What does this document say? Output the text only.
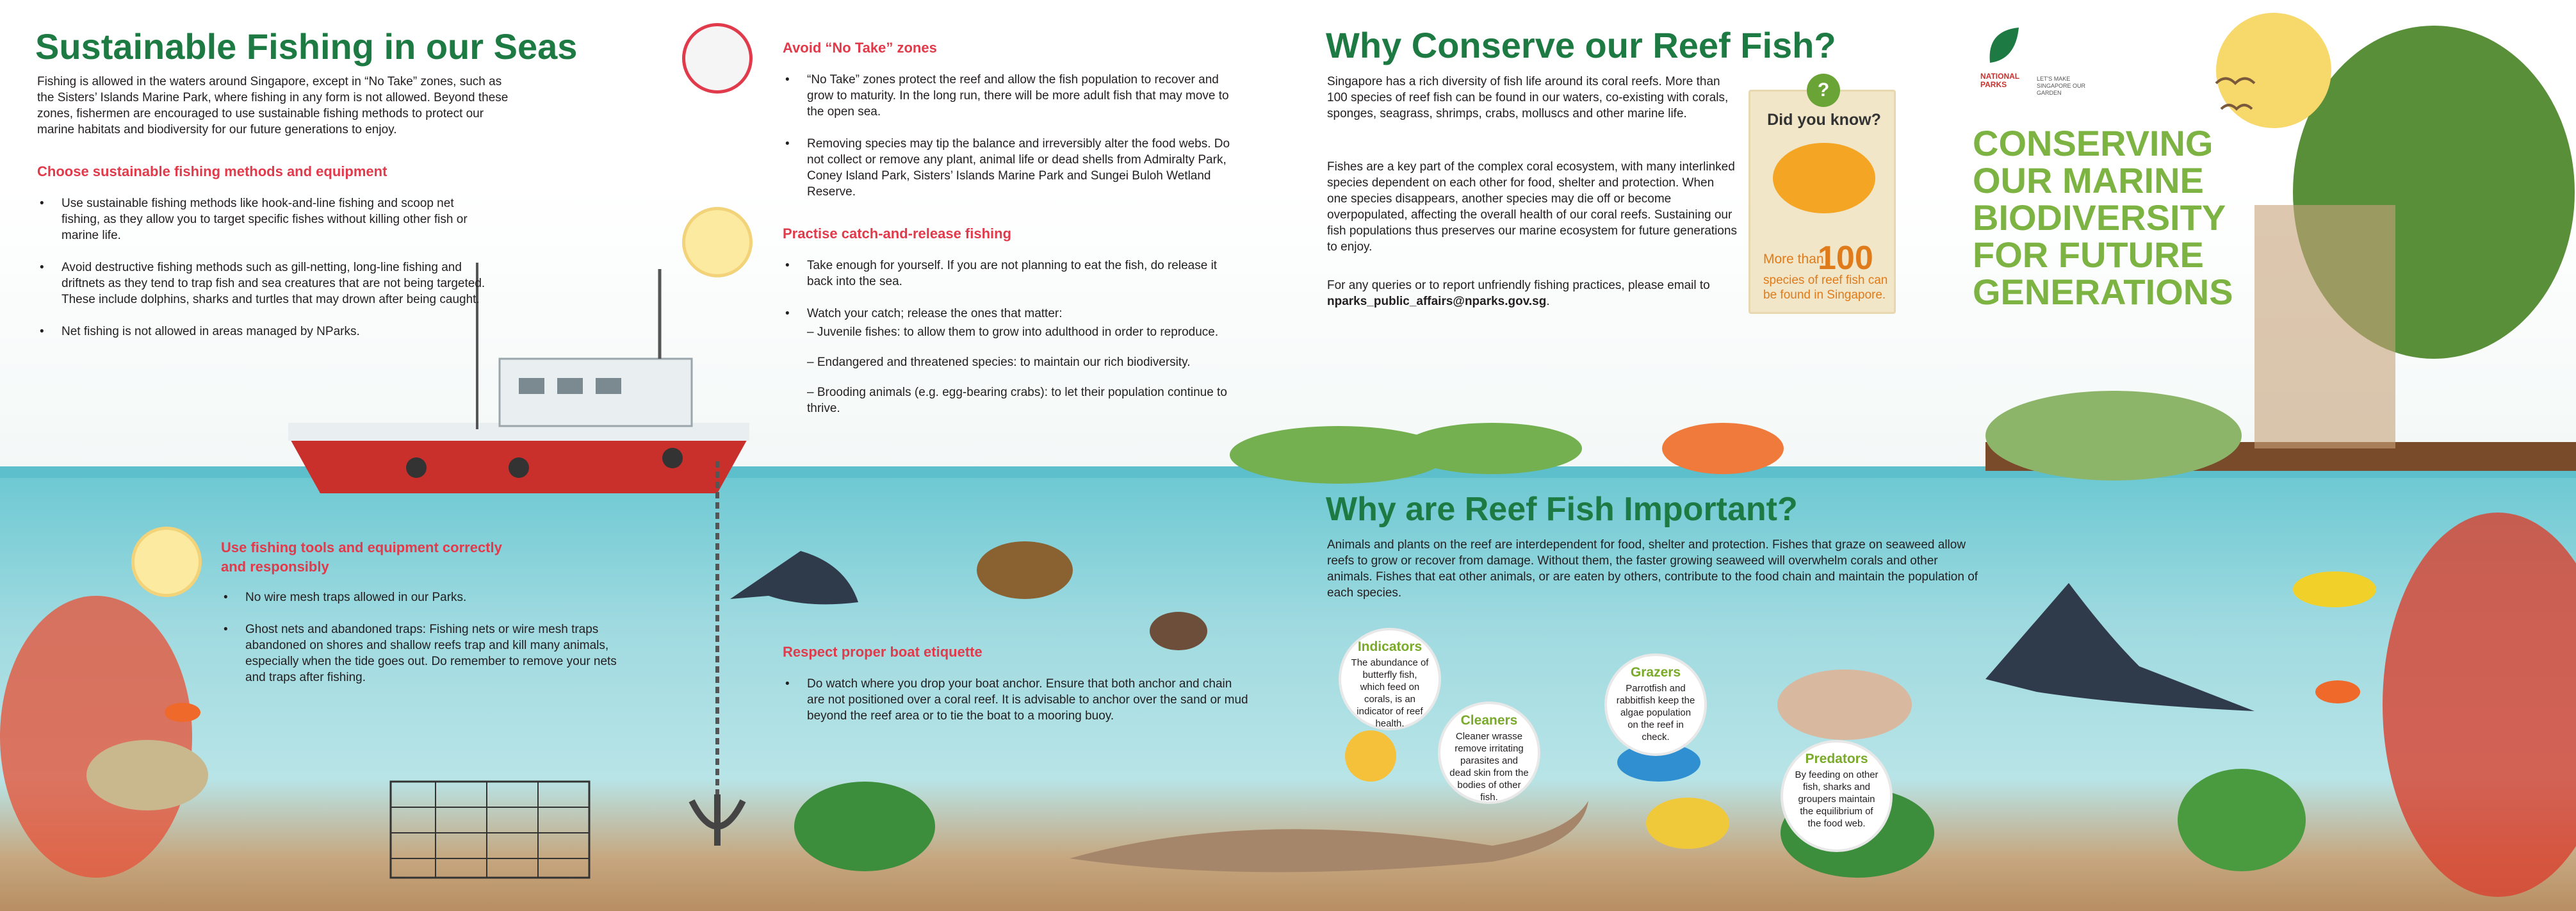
Sustainable Fishing in our Seas

Fishing is allowed in the waters around Singapore, except in “No Take” zones, such as the Sisters’ Islands Marine Park, where fishing in any form is not allowed. Beyond these zones, fishermen are encouraged to use sustainable fishing methods to protect our marine habitats and biodiversity for our future generations to enjoy.

Choose sustainable fishing methods and equipment
• Use sustainable fishing methods like hook-and-line fishing and scoop net fishing, as they allow you to target specific fishes without killing other fish or marine life.
• Avoid destructive fishing methods such as gill-netting, long-line fishing and driftnets as they tend to trap fish and sea creatures that are not being targeted. These include dolphins, sharks and turtles that may drown after being caught.
• Net fishing is not allowed in areas managed by NParks.
Use fishing tools and equipment correctly and responsibly
• No wire mesh traps allowed in our Parks.
• Ghost nets and abandoned traps: Fishing nets or wire mesh traps abandoned on shores and shallow reefs trap and kill many animals, especially when the tide goes out. Do remember to remove your nets and traps after fishing.
Avoid “No Take” zones
• “No Take” zones protect the reef and allow the fish population to recover and grow to maturity. In the long run, there will be more adult fish that may move to the open sea.
• Removing species may tip the balance and irreversibly alter the food webs. Do not collect or remove any plant, animal life or dead shells from Admiralty Park, Coney Island Park, Sisters’ Islands Marine Park and Sungei Buloh Wetland Reserve.
Practise catch-and-release fishing
• Take enough for yourself. If you are not planning to eat the fish, do release it back into the sea.
• Watch your catch; release the ones that matter:
– Juvenile fishes: to allow them to grow into adulthood in order to reproduce.
– Endangered and threatened species: to maintain our rich biodiversity.
– Brooding animals (e.g. egg-bearing crabs): to let their population continue to thrive.
Respect proper boat etiquette
• Do watch where you drop your boat anchor. Ensure that both anchor and chain are not positioned over a coral reef. It is advisable to anchor over the sand or mud beyond the reef area or to tie the boat to a mooring buoy.
Why Conserve our Reef Fish?

Singapore has a rich diversity of fish life around its coral reefs. More than 100 species of reef fish can be found in our waters, co-existing with corals, sponges, seagrass, shrimps, crabs, molluscs and other marine life.

Fishes are a key part of the complex coral ecosystem, with many interlinked species dependent on each other for food, shelter and protection. When one species disappears, another species may die off or become overpopulated, affecting the overall health of our coral reefs. Sustaining our fish populations thus preserves our marine ecosystem for future generations to enjoy.

For any queries or to report unfriendly fishing practices, please email to nparks_public_affairs@nparks.gov.sg.

?
Did you know?
More than
100
species of reef fish can be found in Singapore.
Why are Reef Fish Important?

Animals and plants on the reef are interdependent for food, shelter and protection. Fishes that graze on seaweed allow reefs to grow or recover from damage. Without them, the faster growing seaweed will overwhelm corals and other animals. Fishes that eat other animals, or are eaten by others, contribute to the food chain and maintain the population of each species.

Indicators
The abundance of butterfly fish, which feed on corals, is an indicator of reef health.	Cleaners
Cleaner wrasse remove irritating parasites and dead skin from the bodies of other fish.
Grazers
Parrotfish and rabbitfish keep the algae population on the reef in check.
Predators
By feeding on other fish, sharks and groupers maintain the equilibrium of the food web.
NATIONAL PARKS
LET'S MAKE SINGAPORE OUR GARDEN
CONSERVING OUR MARINE BIODIVERSITY FOR FUTURE GENERATIONS
